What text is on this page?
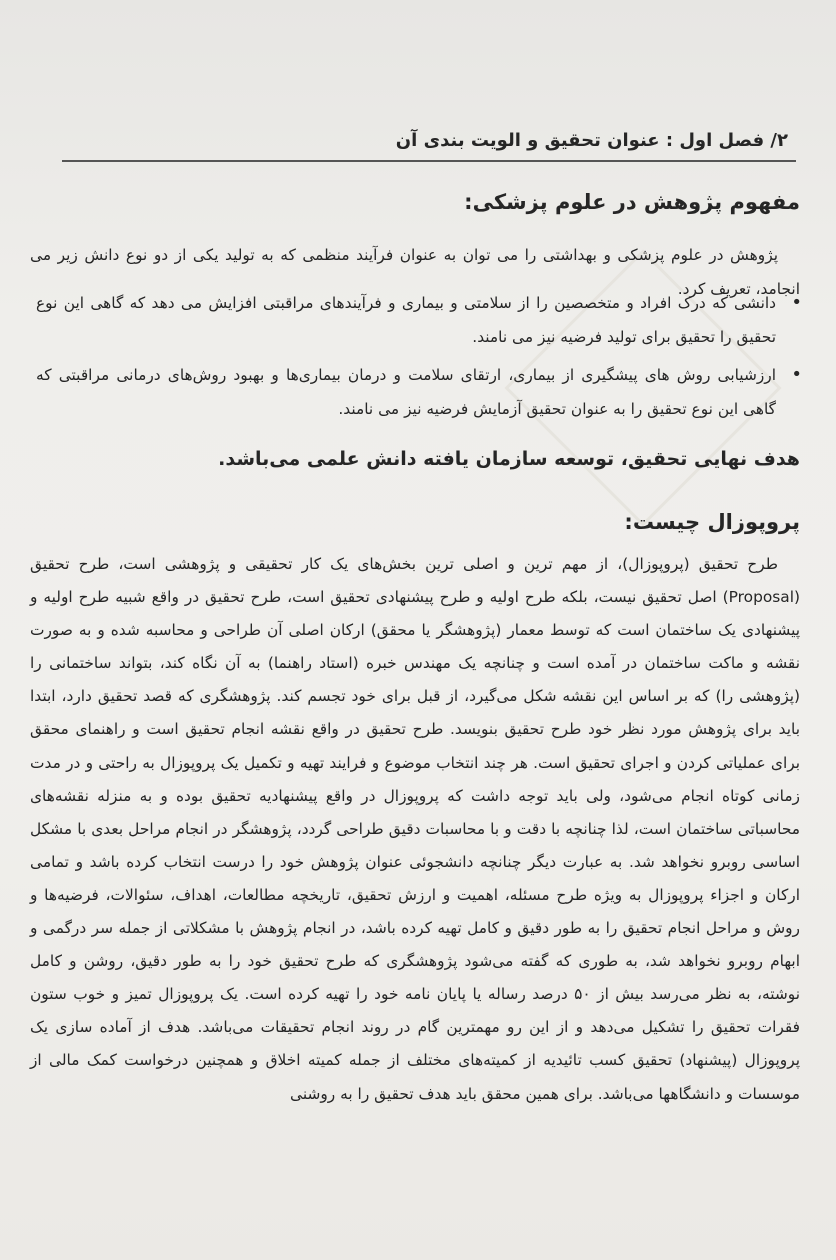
۲/ فصل اول : عنوان تحقیق و الویت بندی آن
مفهوم پژوهش در علوم پزشکی:
پژوهش در علوم پزشکی و بهداشتی را می توان به عنوان فرآیند منظمی که به تولید یکی از دو نوع دانش زیر می انجامد، تعریف کرد.
•
دانشی که درک افراد و متخصصین را از سلامتی و بیماری و فرآیندهای مراقبتی افزایش می دهد که گاهی این نوع تحقیق را تحقیق برای تولید فرضیه نیز می نامند.
•
ارزشیابی روش های پیشگیری از بیماری، ارتقای سلامت و درمان بیماری‌ها و بهبود روش‌های درمانی مراقبتی که گاهی این نوع تحقیق را به عنوان تحقیق آزمایش فرضیه نیز می نامند.
هدف نهایی تحقیق، توسعه سازمان یافته دانش علمی می‌باشد.
پروپوزال چیست:
طرح تحقیق (پروپوزال)، از مهم ترین و اصلی ترین بخش‌های یک کار تحقیقی و پژوهشی است، طرح تحقیق (Proposal) اصل تحقیق نیست، بلکه طرح اولیه و طرح پیشنهادی تحقیق است، طرح تحقیق در واقع شبیه طرح اولیه و پیشنهادی یک ساختمان است که توسط معمار (پژوهشگر یا محقق) ارکان اصلی آن طراحی و محاسبه شده و به صورت نقشه و ماکت ساختمان در آمده است و چنانچه یک مهندس خبره (استاد راهنما) به آن نگاه کند، بتواند ساختمانی را (پژوهشی را) که بر اساس این نقشه شکل می‌گیرد، از قبل برای خود تجسم کند. پژوهشگری که قصد تحقیق دارد، ابتدا باید برای پژوهش مورد نظر خود طرح تحقیق بنویسد. طرح تحقیق در واقع نقشه انجام تحقیق است و راهنمای محقق برای عملیاتی کردن و اجرای تحقیق است. هر چند انتخاب موضوع و فرایند تهیه و تکمیل یک پروپوزال به راحتی و در مدت زمانی کوتاه انجام می‌شود، ولی باید توجه داشت که پروپوزال در واقع پیشنهادیه تحقیق بوده و به منزله نقشه‌های محاسباتی ساختمان است، لذا چنانچه با دقت و با محاسبات دقیق طراحی گردد، پژوهشگر در انجام مراحل بعدی با مشکل اساسی روبرو نخواهد شد. به عبارت دیگر چنانچه دانشجوئی عنوان پژوهش خود را درست انتخاب کرده باشد و تمامی ارکان و اجزاء پروپوزال به ویژه طرح مسئله، اهمیت و ارزش تحقیق، تاریخچه مطالعات، اهداف، سئوالات، فرضیه‌ها و روش و مراحل انجام تحقیق را به طور دقیق و کامل تهیه کرده باشد، در انجام پژوهش با مشکلاتی از جمله سر درگمی و ابهام روبرو نخواهد شد، به طوری که گفته می‌شود پژوهشگری که طرح تحقیق خود را به طور دقیق، روشن و کامل نوشته، به نظر می‌رسد بیش از ۵۰ درصد رساله یا پایان نامه خود را تهیه کرده است. یک پروپوزال تمیز و خوب ستون فقرات تحقیق را تشکیل می‌دهد و از این رو مهمترین گام در روند انجام تحقیقات می‌باشد. هدف از آماده سازی یک پروپوزال (پیشنهاد) تحقیق کسب تائیدیه از کمیته‌های مختلف از جمله کمیته اخلاق و همچنین درخواست کمک مالی از موسسات و دانشگاهها می‌باشد. برای همین محقق باید هدف تحقیق را به روشنی
